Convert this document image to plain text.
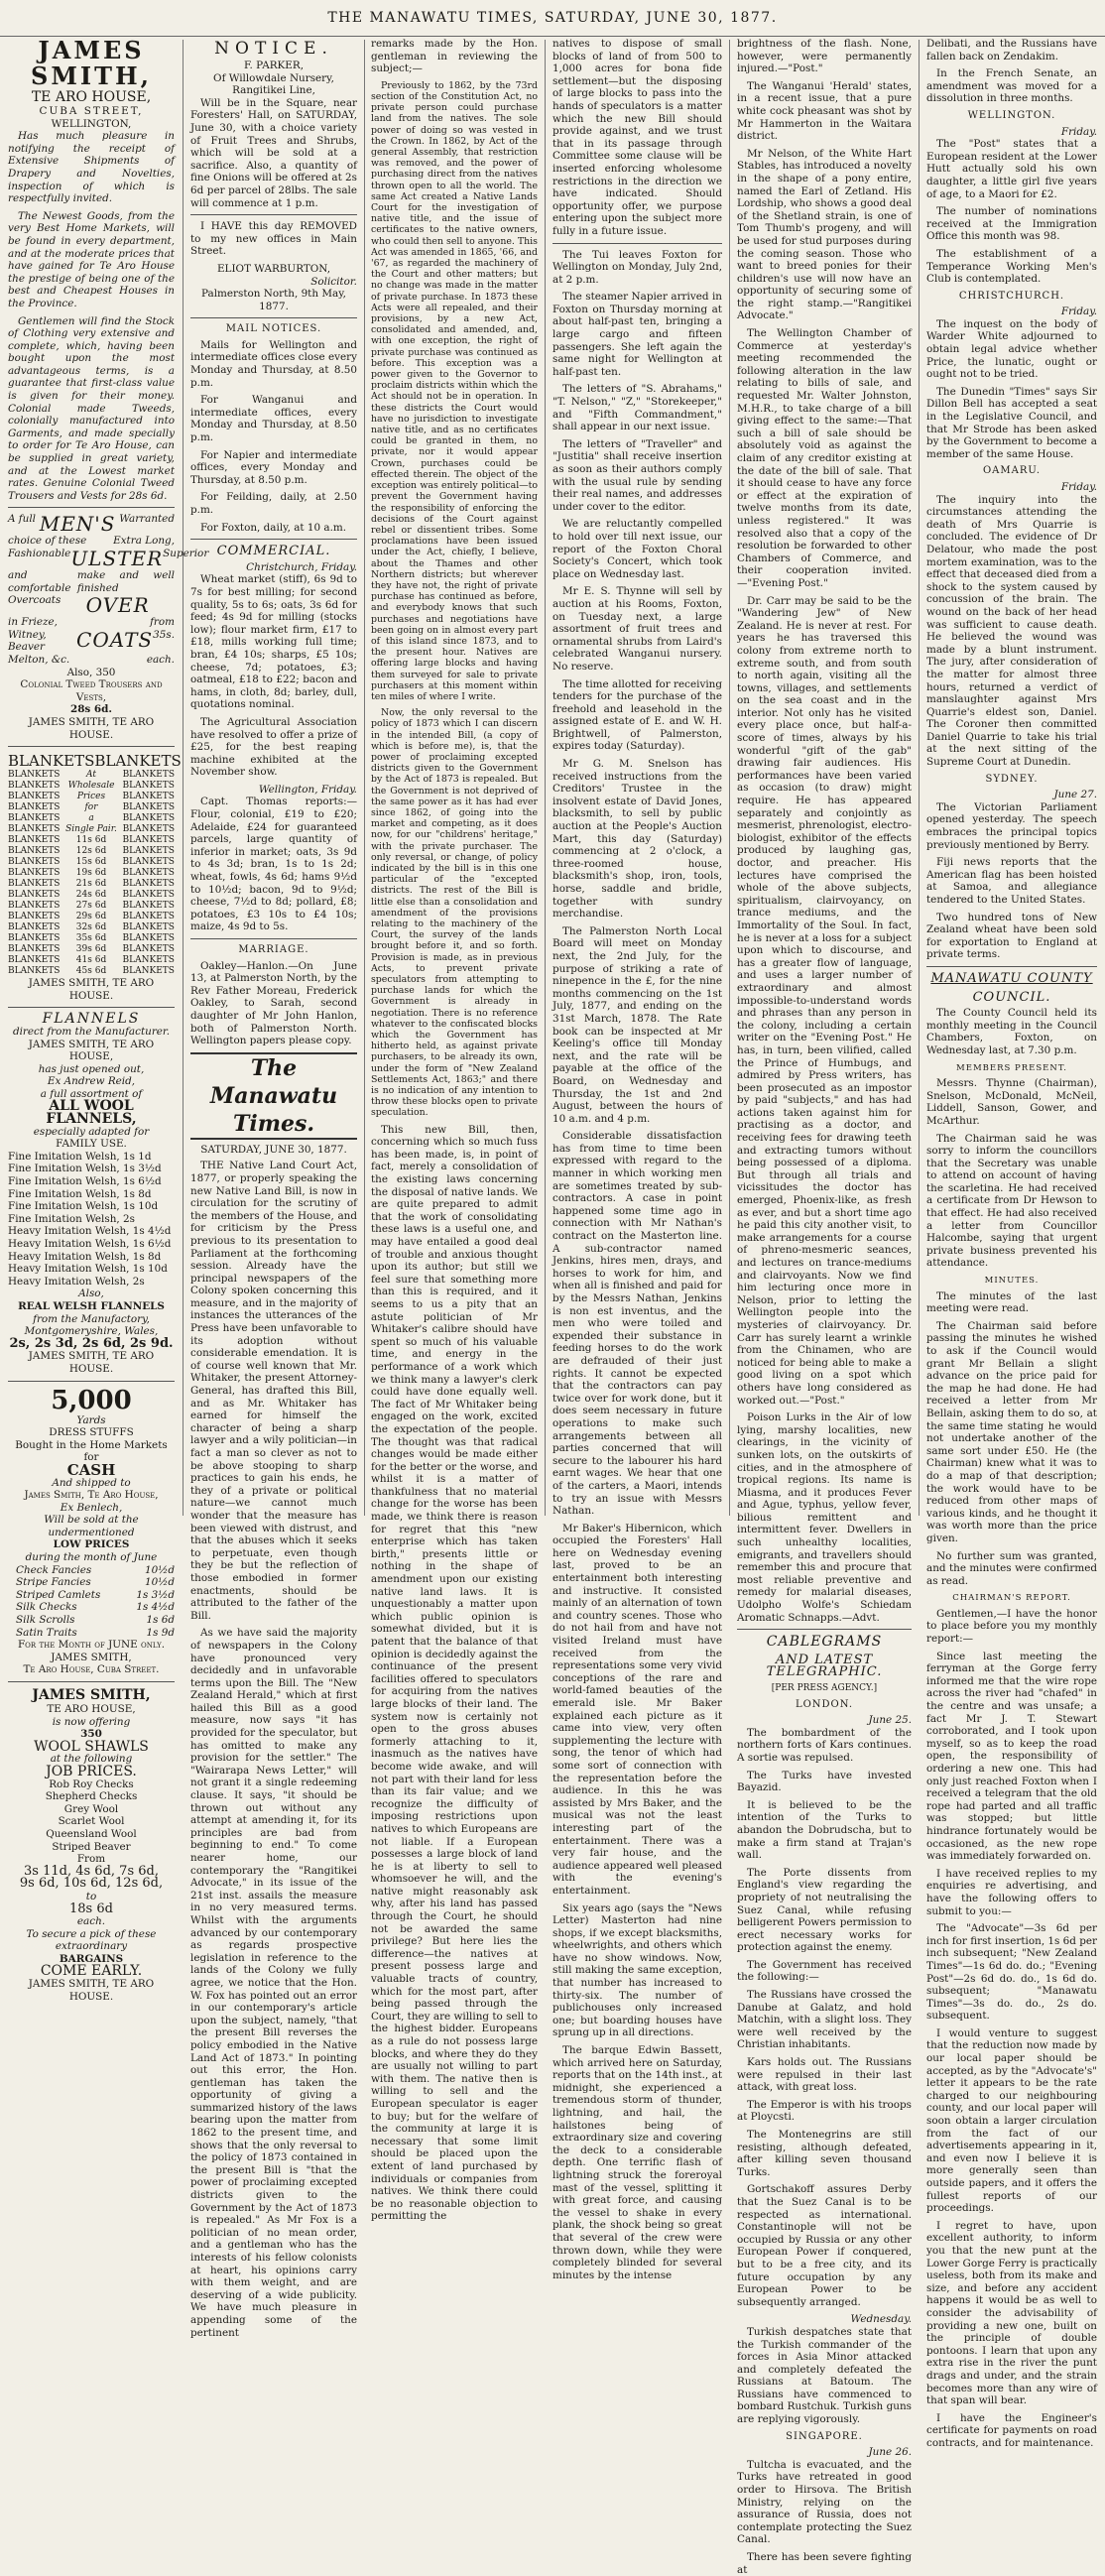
THE MANAWATU TIMES, SATURDAY, JUNE 30, 1877.
JAMES SMITH,
TE ARO HOUSE,
CUBA STREET,
WELLINGTON,

Has much pleasure in notifying the receipt of Extensive Shipments of Drapery and Novelties, inspection of which is respectfully invited.

The Newest Goods, from the very Best Home Markets, will be found in every department, and at the moderate prices that have gained for Te Aro House the prestige of being one of the best and Cheapest Houses in the Province.

Gentlemen will find the Stock of Clothing very extensive and complete, which, having been bought upon the most advantageous terms, is a guarantee that first-class value is given for their money. Colonial made Tweeds, colonially manufactured into Garments, and made specially to order for Te Aro House, can be supplied in great variety, and at the Lowest market rates. Genuine Colonial Tweed Trousers and Vests for 28s 6d.

A full MEN'S Warranted
choice of these	Extra Long,
Fashionable ULSTER Superior
and comfortable
make and well finished
Overcoats OVER
in Frieze,	from
Witney, Beaver	COATS 35s.
Melton, &c.	each.
Also, 350
Colonial Tweed Trousers and Vests,
28s 6d.
JAMES SMITH, TE ARO HOUSE.
BLANKETS BLANKETS
BLANKETS	At	BLANKETS
BLANKETS Wholesale BLANKETS
BLANKETS Prices BLANKETS
BLANKETS	for	BLANKETS
BLANKETS	a	BLANKETS
BLANKETS Single Pair. BLANKETS
BLANKETS 11s 6d BLANKETS
BLANKETS 12s 6d BLANKETS
BLANKETS 15s 6d BLANKETS
BLANKETS 19s 6d BLANKETS
BLANKETS 21s 6d BLANKETS
BLANKETS 24s 6d BLANKETS
BLANKETS 27s 6d BLANKETS
BLANKETS 29s 6d BLANKETS
BLANKETS 32s 6d BLANKETS
BLANKETS 35s 6d BLANKETS
BLANKETS 39s 6d BLANKETS
BLANKETS 41s 6d BLANKETS
BLANKETS 45s 6d BLANKETS
JAMES SMITH, TE ARO HOUSE.
FLANNELS
direct from the Manufacturer.
JAMES SMITH, TE ARO HOUSE,
has just opened out,
Ex Andrew Reid,
a full assortment of
ALL WOOL FLANNELS,
especially adapted for
FAMILY USE.
Fine Imitation Welsh, 1s 1d
Fine Imitation Welsh, 1s 3½d
Fine Imitation Welsh, 1s 6½d
Fine Imitation Welsh, 1s 8d
Fine Imitation Welsh, 1s 10d
Fine Imitation Welsh, 2s
Heavy Imitation Welsh, 1s 4½d
Heavy Imitation Welsh, 1s 6½d
Heavy Imitation Welsh, 1s 8d
Heavy Imitation Welsh, 1s 10d
Heavy Imitation Welsh, 2s
Also,
REAL WELSH FLANNELS
from the Manufactory,
Montgomeryshire, Wales,
2s, 2s 3d, 2s 6d, 2s 9d.
JAMES SMITH, TE ARO HOUSE.
5,000
Yards
DRESS STUFFS
Bought in the Home Markets for
CASH
And shipped to
James Smith, Te Aro House,
Ex Benlech,
Will be sold at the undermentioned
LOW PRICES
during the month of June
Check Fancies	10½d
Stripe Fancies	10½d
Striped Camlets	1s 3½d
Silk Checks	1s 4½d
Silk Scrolls	1s 6d
Satin Traits	1s 9d
For the Month of JUNE only.
JAMES SMITH,
Te Aro House, Cuba Street.
JAMES SMITH,
TE ARO HOUSE,
is now offering
350
WOOL SHAWLS
at the following
JOB PRICES.
Rob Roy Checks
Shepherd Checks
Grey Wool
Scarlet Wool
Queensland Wool
Striped Beaver
From
3s 11d, 4s 6d, 7s 6d,
9s 6d, 10s 6d, 12s 6d,
to
18s 6d
each.
To secure a pick of these extraordinary
BARGAINS
COME EARLY.
JAMES SMITH, TE ARO HOUSE.
NOTICE.
F. PARKER,
Of Willowdale Nursery, Rangitikei Line,

Will be in the Square, near Foresters' Hall, on SATURDAY, June 30, with a choice variety of Fruit Trees and Shrubs, which will be sold at a sacrifice. Also, a quantity of fine Onions will be offered at 2s 6d per parcel of 28lbs. The sale will commence at 1 p.m.

I HAVE this day REMOVED to my new offices in Main Street.

ELIOT WARBURTON,
Solicitor.
Palmerston North, 9th May, 1877.
MAIL NOTICES.

Mails for Wellington and intermediate offices close every Monday and Thursday, at 8.50 p.m.

For Wanganui and intermediate offices, every Monday and Thursday, at 8.50 p.m.

For Napier and intermediate offices, every Monday and Thursday, at 8.50 p.m.

For Feilding, daily, at 2.50 p.m.

For Foxton, daily, at 10 a.m.

COMMERCIAL.
Christchurch, Friday.

Wheat market (stiff), 6s 9d to 7s for best milling; for second quality, 5s to 6s; oats, 3s 6d for feed; 4s 9d for milling (stocks low); flour market firm, £17 to £18, mills working full time; bran, £4 10s; sharps, £5 10s; cheese, 7d; potatoes, £3; oatmeal, £18 to £22; bacon and hams, in cloth, 8d; barley, dull, quotations nominal.

The Agricultural Association have resolved to offer a prize of £25, for the best reaping machine exhibited at the November show.

Wellington, Friday.

Capt. Thomas reports:—Flour, colonial, £19 to £20; Adelaide, £24 for guaranteed parcels, large quantity of inferior in market; oats, 3s 9d to 4s 3d; bran, 1s to 1s 2d; wheat, fowls, 4s 6d; hams 9½d to 10½d; bacon, 9d to 9½d; cheese, 7½d to 8d; pollard, £8; potatoes, £3 10s to £4 10s; maize, 4s 9d to 5s.

MARRIAGE.

Oakley—Hanlon.—On June 13, at Palmerston North, by the Rev Father Moreau, Frederick Oakley, to Sarah, second daughter of Mr John Hanlon, both of Palmerston North. Wellington papers please copy.

The Manawatu Times.
SATURDAY, JUNE 30, 1877.

THE Native Land Court Act, 1877, or properly speaking the new Native Land Bill, is now in circulation for the scrutiny of the members of the House, and for criticism by the Press previous to its presentation to Parliament at the forthcoming session. Already have the principal newspapers of the Colony spoken concerning this measure, and in the majority of instances the utterances of the Press have been unfavorable to its adoption without considerable emendation. It is of course well known that Mr. Whitaker, the present Attorney-General, has drafted this Bill, and as Mr. Whitaker has earned for himself the character of being a sharp lawyer and a wily politician—in fact a man so clever as not to be above stooping to sharp practices to gain his ends, he they of a private or political nature—we cannot much wonder that the measure has been viewed with distrust, and that the abuses which it seeks to perpetuate, even though they be but the reflection of those embodied in former enactments, should be attributed to the father of the Bill.

As we have said the majority of newspapers in the Colony have pronounced very decidedly and in unfavorable terms upon the Bill. The "New Zealand Herald," which at first hailed this Bill as a good measure, now says "it has provided for the speculator, but has omitted to make any provision for the settler." The "Wairarapa News Letter," will not grant it a single redeeming clause. It says, "it should be thrown out without any attempt at amending it, for its principles are bad from beginning to end." To come nearer home, our contemporary the "Rangitikei Advocate," in its issue of the 21st inst. assails the measure in no very measured terms. Whilst with the arguments advanced by our contemporary as regards prospective legislation in reference to the lands of the Colony we fully agree, we notice that the Hon. W. Fox has pointed out an error in our contemporary's article upon the subject, namely, "that the present Bill reverses the policy embodied in the Native Land Act of 1873." In pointing out this error, the Hon. gentleman has taken the opportunity of giving a summarized history of the laws bearing upon the matter from 1862 to the present time, and shows that the only reversal to the policy of 1873 contained in the present Bill is "that the power of proclaiming excepted districts given to the Government by the Act of 1873 is repealed." As Mr Fox is a politician of no mean order, and a gentleman who has the interests of his fellow colonists at heart, his opinions carry with them weight, and are deserving of a wide publicity. We have much pleasure in appending some of the pertinent

remarks made by the Hon. gentleman in reviewing the subject;—

Previously to 1862, by the 73rd section of the Constitution Act, no private person could purchase land from the natives. The sole power of doing so was vested in the Crown. In 1862, by Act of the general Assembly, that restriction was removed, and the power of purchasing direct from the natives thrown open to all the world. The same Act created a Native Lands Court for the investigation of native title, and the issue of certificates to the native owners, who could then sell to anyone. This Act was amended in 1865, '66, and '67, as regarded the machinery of the Court and other matters; but no change was made in the matter of private purchase. In 1873 these Acts were all repealed, and their provisions, by a new Act, consolidated and amended, and, with one exception, the right of private purchase was continued as before. This exception was a power given to the Governor to proclaim districts within which the Act should not be in operation. In these districts the Court would have no jurisdiction to investigate native title, and as no certificates could be granted in them, no private, nor it would appear Crown, purchases could be effected therein. The object of the exception was entirely political—to prevent the Government having the responsibility of enforcing the decisions of the Court against rebel or dissentient tribes. Some proclamations have been issued under the Act, chiefly, I believe, about the Thames and other Northern districts; but wherever they have not, the right of private purchase has continued as before, and everybody knows that such purchases and negotiations have been going on in almost every part of this island since 1873, and to the present hour. Natives are offering large blocks and having them surveyed for sale to private purchasers at this moment within ten miles of where I write.

Now, the only reversal to the policy of 1873 which I can discern in the intended Bill, (a copy of which is before me), is, that the power of proclaiming excepted districts given to the Government by the Act of 1873 is repealed. But the Government is not deprived of the same power as it has had ever since 1862, of going into the market and competing, as it does now, for our "childrens' heritage," with the private purchaser. The only reversal, or change, of policy indicated by the bill is in this one particular of the "excepted districts. The rest of the Bill is little else than a consolidation and amendment of the provisions relating to the machinery of the Court, the survey of the lands brought before it, and so forth. Provision is made, as in previous Acts, to prevent private speculators from attempting to purchase lands for which the Government is already in negotiation. There is no reference whatever to the confiscated blocks which the Government has hitherto held, as against private purchasers, to be already its own, under the form of "New Zealand Settlements Act, 1863;" and there is no indication of any intention to throw these blocks open to private speculation.

This new Bill, then, concerning which so much fuss has been made, is, in point of fact, merely a consolidation of the existing laws concerning the disposal of native lands. We are quite prepared to admit that the work of consolidating these laws is a useful one, and may have entailed a good deal of trouble and anxious thought upon its author; but still we feel sure that something more than this is required, and it seems to us a pity that an astute politician of Mr Whitaker's calibre should have spent so much of his valuable time, and energy in the performance of a work which we think many a lawyer's clerk could have done equally well. The fact of Mr Whitaker being engaged on the work, excited the expectation of the people. The thought was that radical changes would be made either for the better or the worse, and whilst it is a matter of thankfulness that no material change for the worse has been made, we think there is reason for regret that this "new enterprise which has taken birth," presents little or nothing in the shape of amendment upon our existing native land laws. It is unquestionably a matter upon which public opinion is somewhat divided, but it is patent that the balance of that opinion is decidedly against the continuance of the present facilities offered to speculators for acquiring from the natives large blocks of their land. The system now is certainly not open to the gross abuses formerly attaching to it, inasmuch as the natives have become wide awake, and will not part with their land for less than its fair value; and we recognize the difficulty of imposing restrictions upon natives to which Europeans are not liable. If a European possesses a large block of land he is at liberty to sell to whomsoever he will, and the native might reasonably ask why, after his land has passed through the Court, he should not be awarded the same privilege? But here lies the difference—the natives at present possess large and valuable tracts of country, which for the most part, after being passed through the Court, they are willing to sell to the highest bidder. Europeans as a rule do not possess large blocks, and where they do they are usually not willing to part with them. The native then is willing to sell and the European speculator is eager to buy; but for the welfare of the community at large it is necessary that some limit should be placed upon the extent of land purchased by individuals or companies from natives. We think there could be no reasonable objection to permitting the

natives to dispose of small blocks of land of from 500 to 1,000 acres for bona fide settlement—but the disposing of large blocks to pass into the hands of speculators is a matter which the new Bill should provide against, and we trust that in its passage through Committee some clause will be inserted enforcing wholesome restrictions in the direction we have indicated. Should opportunity offer, we purpose entering upon the subject more fully in a future issue.

The Tui leaves Foxton for Wellington on Monday, July 2nd, at 2 p.m.

The steamer Napier arrived in Foxton on Thursday morning at about half-past ten, bringing a large cargo and fifteen passengers. She left again the same night for Wellington at half-past ten.

The letters of "S. Abrahams," "T. Nelson," "Z," "Storekeeper," and "Fifth Commandment," shall appear in our next issue.

The letters of "Traveller" and "Justitia" shall receive insertion as soon as their authors comply with the usual rule by sending their real names, and addresses under cover to the editor.

We are reluctantly compelled to hold over till next issue, our report of the Foxton Choral Society's Concert, which took place on Wednesday last.

Mr E. S. Thynne will sell by auction at his Rooms, Foxton, on Tuesday next, a large assortment of fruit trees and ornamental shrubs from Laird's celebrated Wanganui nursery. No reserve.

The time allotted for receiving tenders for the purchase of the freehold and leasehold in the assigned estate of E. and W. H. Brightwell, of Palmerston, expires today (Saturday).

Mr G. M. Snelson has received instructions from the Creditors' Trustee in the insolvent estate of David Jones, blacksmith, to sell by public auction at the People's Auction Mart, this day (Saturday) commencing at 2 o'clock, a three-roomed house, blacksmith's shop, iron, tools, horse, saddle and bridle, together with sundry merchandise.

The Palmerston North Local Board will meet on Monday next, the 2nd July, for the purpose of striking a rate of ninepence in the £, for the nine months commencing on the 1st July, 1877, and ending on the 31st March, 1878. The Rate book can be inspected at Mr Keeling's office till Monday next, and the rate will be payable at the office of the Board, on Wednesday and Thursday, the 1st and 2nd August, between the hours of 10 a.m. and 4 p.m.

Considerable dissatisfaction has from time to time been expressed with regard to the manner in which working men are sometimes treated by sub-contractors. A case in point happened some time ago in connection with Mr Nathan's contract on the Masterton line. A sub-contractor named Jenkins, hires men, drays, and horses to work for him, and when all is finished and paid for by the Messrs Nathan, Jenkins is non est inventus, and the men who were toiled and expended their substance in feeding horses to do the work are defrauded of their just rights. It cannot be expected that the contractors can pay twice over for work done, but it does seem necessary in future operations to make such arrangements between all parties concerned that will secure to the labourer his hard earnt wages. We hear that one of the carters, a Maori, intends to try an issue with Messrs Nathan.

Mr Baker's Hibernicon, which occupied the Foresters' Hall here on Wednesday evening last, proved to be an entertainment both interesting and instructive. It consisted mainly of an alternation of town and country scenes. Those who do not hail from and have not visited Ireland must have received from the representations some very vivid conceptions of the rare and world-famed beauties of the emerald isle. Mr Baker explained each picture as it came into view, very often supplementing the lecture with song, the tenor of which had some sort of connection with the representation before the audience. In this he was assisted by Mrs Baker, and the musical was not the least interesting part of the entertainment. There was a very fair house, and the audience appeared well pleased with the evening's entertainment.

Six years ago (says the "News Letter) Masterton had nine shops, if we except blacksmiths, wheelwrights, and others which have no show windows. Now, still making the same exception, that number has increased to thirty-six. The number of publichouses only increased one; but boarding houses have sprung up in all directions.

The barque Edwin Bassett, which arrived here on Saturday, reports that on the 14th inst., at midnight, she experienced a tremendous storm of thunder, lightning, and hail, the hailstones being of extraordinary size and covering the deck to a considerable depth. One terrific flash of lightning struck the foreroyal mast of the vessel, splitting it with great force, and causing the vessel to shake in every plank, the shock being so great that several of the crew were thrown down, while they were completely blinded for several minutes by the intense

brightness of the flash. None, however, were permanently injured.—"Post."

The Wanganui 'Herald' states, in a recent issue, that a pure white cock pheasant was shot by Mr Hammerton in the Waitara district.

Mr Nelson, of the White Hart Stables, has introduced a novelty in the shape of a pony entire, named the Earl of Zetland. His Lordship, who shows a good deal of the Shetland strain, is one of Tom Thumb's progeny, and will be used for stud purposes during the coming season. Those who want to breed ponies for their children's use will now have an opportunity of securing some of the right stamp.—"Rangitikei Advocate."

The Wellington Chamber of Commerce at yesterday's meeting recommended the following alteration in the law relating to bills of sale, and requested Mr. Walter Johnston, M.H.R., to take charge of a bill giving effect to the same:—That such a bill of sale should be absolutely void as against the claim of any creditor existing at the date of the bill of sale. That it should cease to have any force or effect at the expiration of twelve months from its date, unless registered." It was resolved also that a copy of the resolution be forwarded to other Chambers of Commerce, and their cooperation invited.—"Evening Post."

Dr. Carr may be said to be the "Wandering Jew" of New Zealand. He is never at rest. For years he has traversed this colony from extreme north to extreme south, and from south to north again, visiting all the towns, villages, and settlements on the sea coast and in the interior. Not only has he visited every place once, but half-a-score of times, always by his wonderful "gift of the gab" drawing fair audiences. His performances have been varied as occasion (to draw) might require. He has appeared separately and conjointly as mesmerist, phrenologist, electro-biologist, exhibitor of the effects produced by laughing gas, doctor, and preacher. His lectures have comprised the whole of the above subjects, spiritualism, clairvoyancy, on trance mediums, and the Immortality of the Soul. In fact, he is never at a loss for a subject upon which to discourse, and has a greater flow of language, and uses a larger number of extraordinary and almost impossible-to-understand words and phrases than any person in the colony, including a certain writer on the "Evening Post." He has, in turn, been vilified, called the Prince of Humbugs, and admired by Press writers, has been prosecuted as an impostor by paid "subjects," and has had actions taken against him for practising as a doctor, and receiving fees for drawing teeth and extracting tumors without being possessed of a diploma. But through all trials and vicissitudes the doctor has emerged, Phoenix-like, as fresh as ever, and but a short time ago he paid this city another visit, to make arrangements for a course of phreno-mesmeric seances, and lectures on trance-mediums and clairvoyants. Now we find him lecturing once more in Nelson, prior to letting the Wellington people into the mysteries of clairvoyancy. Dr. Carr has surely learnt a wrinkle from the Chinamen, who are noticed for being able to make a good living on a spot which others have long considered as worked out.—"Post."

Poison Lurks in the Air of low lying, marshy localities, new clearings, in the vicinity of sunken lots, on the outskirts of cities, and in the atmosphere of tropical regions. Its name is Miasma, and it produces Fever and Ague, typhus, yellow fever, bilious remittent and intermittent fever. Dwellers in such unhealthy localities, emigrants, and travellers should remember this and procure that most reliable preventive and remedy for malarial diseases, Udolpho Wolfe's Schiedam Aromatic Schnapps.—Advt.

CABLEGRAMS
AND LATEST TELEGRAPHIC.
[PER PRESS AGENCY.]
LONDON.
June 25.

The bombardment of the northern forts of Kars continues. A sortie was repulsed.

The Turks have invested Bayazid.

It is believed to be the intention of the Turks to abandon the Dobrudscha, but to make a firm stand at Trajan's wall.

The Porte dissents from England's view regarding the propriety of not neutralising the Suez Canal, while refusing belligerent Powers permission to erect necessary works for protection against the enemy.

The Government has received the following:—

The Russians have crossed the Danube at Galatz, and hold Matchin, with a slight loss. They were well received by the Christian inhabitants.

Kars holds out. The Russians were repulsed in their last attack, with great loss.

The Emperor is with his troops at Ploycsti.

The Montenegrins are still resisting, although defeated, after killing seven thousand Turks.

Gortschakoff assures Derby that the Suez Canal is to be respected as international. Constantinople will not be occupied by Russia or any other European Power if conquered, but to be a free city, and its future occupation by any European Power to be subsequently arranged.

Wednesday.

Turkish despatches state that the Turkish commander of the forces in Asia Minor attacked and completely defeated the Russians at Batoum. The Russians have commenced to bombard Rustchuk. Turkish guns are replying vigorously.

SINGAPORE.
June 26.

Tultcha is evacuated, and the Turks have retreated in good order to Hirsova. The British Ministry, relying on the assurance of Russia, does not contemplate protecting the Suez Canal.

There has been severe fighting at

Delibati, and the Russians have fallen back on Zendakim.

In the French Senate, an amendment was moved for a dissolution in three months.

WELLINGTON.
Friday.

The "Post" states that a European resident at the Lower Hutt actually sold his own daughter, a little girl five years of age, to a Maori for £2.

The number of nominations received at the Immigration Office this month was 98.

The establishment of a Temperance Working Men's Club is contemplated.

CHRISTCHURCH.
Friday.

The inquest on the body of Warder White adjourned to obtain legal advice whether Price, the lunatic, ought or ought not to be tried.

The Dunedin "Times" says Sir Dillon Bell has accepted a seat in the Legislative Council, and that Mr Strode has been asked by the Government to become a member of the same House.

OAMARU.
Friday.

The inquiry into the circumstances attending the death of Mrs Quarrie is concluded. The evidence of Dr Delatour, who made the post mortem examination, was to the effect that deceased died from a shock to the system caused by concussion of the brain. The wound on the back of her head was sufficient to cause death. He believed the wound was made by a blunt instrument. The jury, after consideration of the matter for almost three hours, returned a verdict of manslaughter against Mrs Quarrie's eldest son, Daniel. The Coroner then committed Daniel Quarrie to take his trial at the next sitting of the Supreme Court at Dunedin.

SYDNEY.
June 27.

The Victorian Parliament opened yesterday. The speech embraces the principal topics previously mentioned by Berry.

Fiji news reports that the American flag has been hoisted at Samoa, and allegiance tendered to the United States.

Two hundred tons of New Zealand wheat have been sold for exportation to England at private terms.

MANAWATU COUNTY
COUNCIL.

The County Council held its monthly meeting in the Council Chambers, Foxton, on Wednesday last, at 7.30 p.m.

MEMBERS PRESENT.

Messrs. Thynne (Chairman), Snelson, McDonald, McNeil, Liddell, Sanson, Gower, and McArthur.

The Chairman said he was sorry to inform the councillors that the Secretary was unable to attend on account of having the scarletina. He had received a certificate from Dr Hewson to that effect. He had also received a letter from Councillor Halcombe, saying that urgent private business prevented his attendance.

MINUTES.

The minutes of the last meeting were read.

The Chairman said before passing the minutes he wished to ask if the Council would grant Mr Bellain a slight advance on the price paid for the map he had done. He had received a letter from Mr Bellain, asking them to do so, at the same time stating he would not undertake another of the same sort under £50. He (the Chairman) knew what it was to do a map of that description; the work would have to be reduced from other maps of various kinds, and he thought it was worth more than the price given.

No further sum was granted, and the minutes were confirmed as read.

CHAIRMAN'S REPORT.

Gentlemen,—I have the honor to place before you my monthly report:—

Since last meeting the ferryman at the Gorge ferry informed me that the wire rope across the river had "chafed" in the centre and was unsafe; a fact Mr J. T. Stewart corroborated, and I took upon myself, so as to keep the road open, the responsibility of ordering a new one. This had only just reached Foxton when I received a telegram that the old rope had parted and all traffic was stopped; but little hindrance fortunately would be occasioned, as the new rope was immediately forwarded on.

I have received replies to my enquiries re advertising, and have the following offers to submit to you:—

The "Advocate"—3s 6d per inch for first insertion, 1s 6d per inch subsequent; "New Zealand Times"—1s 6d do. do.; "Evening Post"—2s 6d do. do., 1s 6d do. subsequent; "Manawatu Times"—3s do. do., 2s do. subsequent.

I would venture to suggest that the reduction now made by our local paper should be accepted, as by the "Advocate's" letter it appears to be the rate charged to our neighbouring county, and our local paper will soon obtain a larger circulation from the fact of our advertisements appearing in it, and even now I believe it is more generally seen than outside papers, and it offers the fullest reports of our proceedings.

I regret to have, upon excellent authority, to inform you that the new punt at the Lower Gorge Ferry is practically useless, both from its make and size, and before any accident happens it would be as well to consider the advisability of providing a new one, built on the principle of double pontoons. I learn that upon any extra rise in the river the punt drags and under, and the strain becomes more than any wire of that span will bear.

I have the Engineer's certificate for payments on road contracts, and for maintenance.
